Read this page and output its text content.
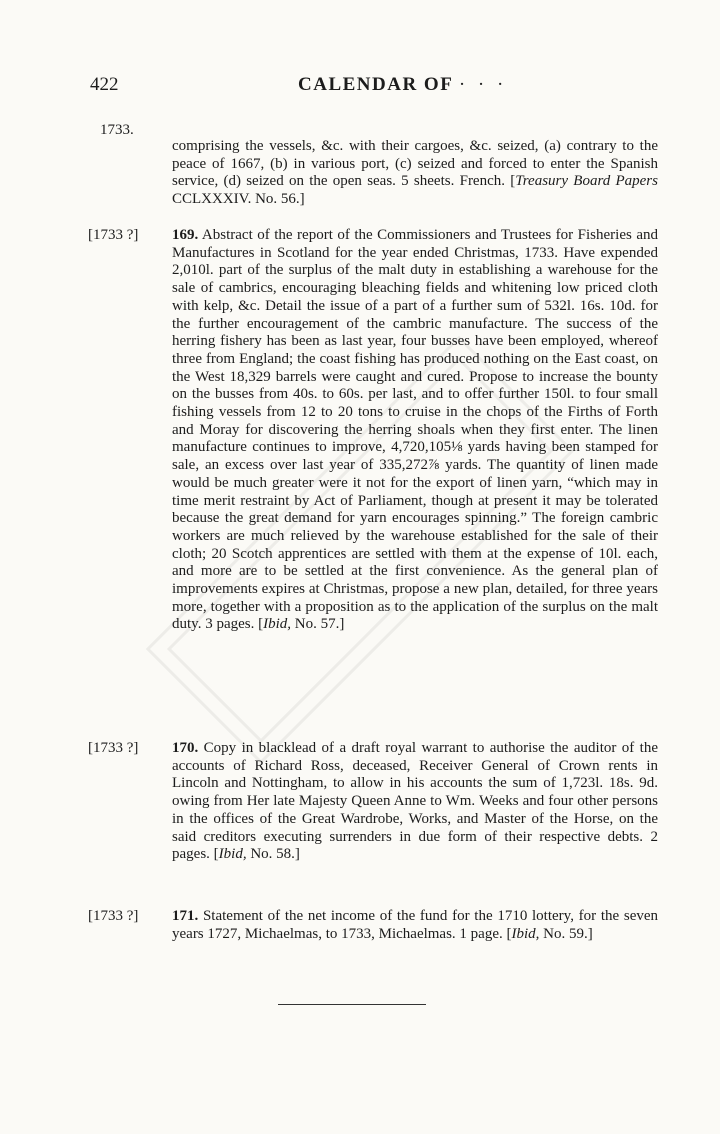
422	CALENDAR OF · · ·
1733.

comprising the vessels, &c. with their cargoes, &c. seized, (a) contrary to the peace of 1667, (b) in various port, (c) seized and forced to enter the Spanish service, (d) seized on the open seas. 5 sheets. French. [Treasury Board Papers CCLXXXIV. No. 56.]

[1733 ?] 169. Abstract of the report of the Commissioners and Trustees for Fisheries and Manufactures in Scotland for the year ended Christmas, 1733. Have expended 2,010l. part of the surplus of the malt duty in establishing a warehouse for the sale of cambrics, encouraging bleaching fields and whitening low priced cloth with kelp, &c. Detail the issue of a part of a further sum of 532l. 16s. 10d. for the further encouragement of the cambric manufacture. The success of the herring fishery has been as last year, four busses have been employed, whereof three from England; the coast fishing has produced nothing on the East coast, on the West 18,329 barrels were caught and cured. Propose to increase the bounty on the busses from 40s. to 60s. per last, and to offer further 150l. to four small fishing vessels from 12 to 20 tons to cruise in the chops of the Firths of Forth and Moray for discovering the herring shoals when they first enter. The linen manufacture continues to improve, 4,720,105⅛ yards having been stamped for sale, an excess over last year of 335,272⅞ yards. The quantity of linen made would be much greater were it not for the export of linen yarn, “which may in time merit restraint by Act of Parliament, though at present it may be tolerated because the great demand for yarn encourages spinning.” The foreign cambric workers are much relieved by the warehouse established for the sale of their cloth; 20 Scotch apprentices are settled with them at the expense of 10l. each, and more are to be settled at the first convenience. As the general plan of improvements expires at Christmas, propose a new plan, detailed, for three years more, together with a proposition as to the application of the surplus on the malt duty. 3 pages. [Ibid, No. 57.]

[1733 ?] 170. Copy in blacklead of a draft royal warrant to authorise the auditor of the accounts of Richard Ross, deceased, Receiver General of Crown rents in Lincoln and Nottingham, to allow in his accounts the sum of 1,723l. 18s. 9d. owing from Her late Majesty Queen Anne to Wm. Weeks and four other persons in the offices of the Great Wardrobe, Works, and Master of the Horse, on the said creditors executing surrenders in due form of their respective debts. 2 pages. [Ibid, No. 58.]

[1733 ?] 171. Statement of the net income of the fund for the 1710 lottery, for the seven years 1727, Michaelmas, to 1733, Michaelmas. 1 page. [Ibid, No. 59.]
